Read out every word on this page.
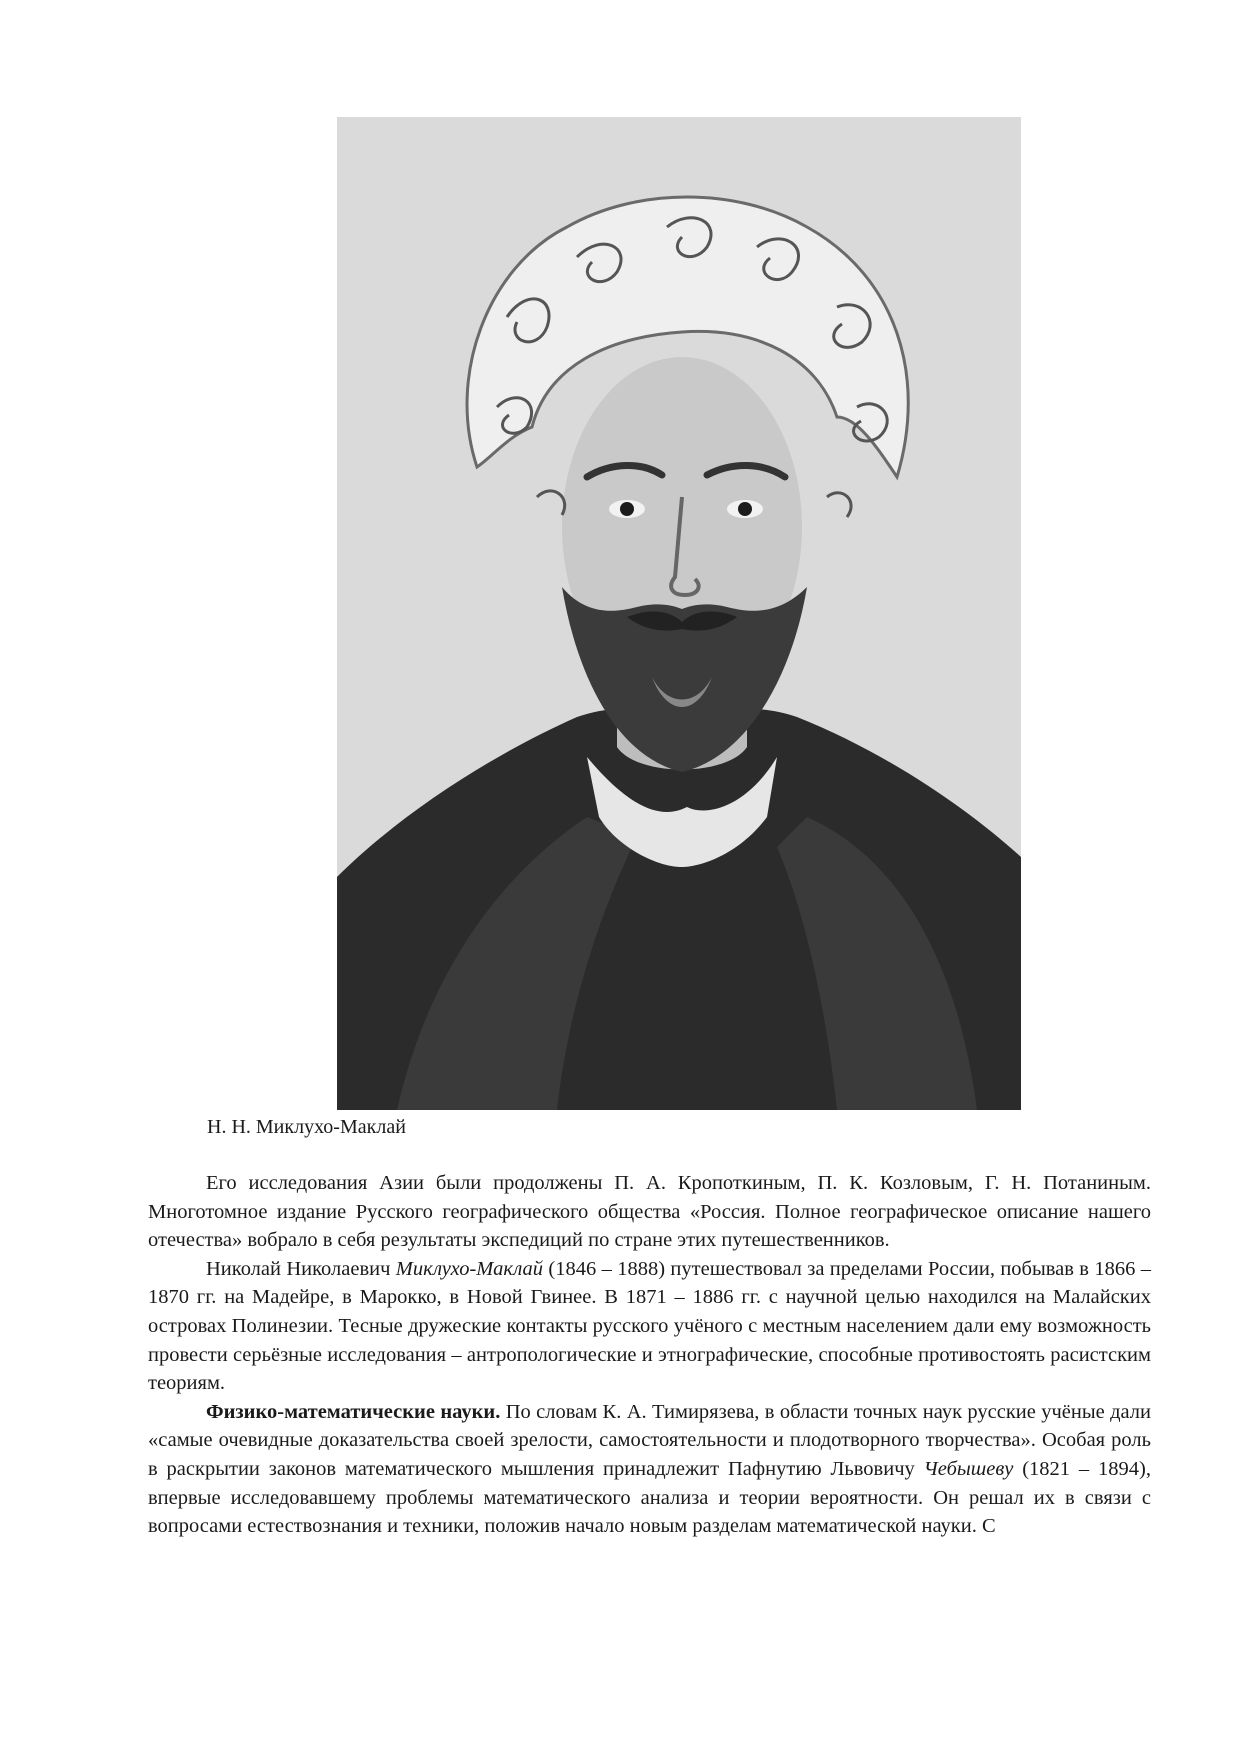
Н. Н. Миклухо-Маклай

Его исследования Азии были продолжены П. А. Кропоткиным, П. К. Козловым, Г. Н. Потаниным. Многотомное издание Русского географического общества «Россия. Полное географическое описание нашего отечества» вобрало в себя результаты экспедиций по стране этих путешественников.

Николай Николаевич Миклухо-Маклай (1846 – 1888) путешествовал за пределами России, побывав в 1866 – 1870 гг. на Мадейре, в Марокко, в Новой Гвинее. В 1871 – 1886 гг. с научной целью находился на Малайских островах Полинезии. Тесные дружеские контакты русского учёного с местным населением дали ему возможность провести серьёзные исследования – антропологические и этнографические, способные противостоять расистским теориям.

Физико-математические науки. По словам К. А. Тимирязева, в области точных наук русские учёные дали «самые очевидные доказательства своей зрелости, самостоятельности и плодотворного творчества». Особая роль в раскрытии законов математического мышления принадлежит Пафнутию Львовичу Чебышеву (1821 – 1894), впервые исследовавшему проблемы математического анализа и теории вероятности. Он решал их в связи с вопросами естествознания и техники, положив начало новым разделам математической науки. С
